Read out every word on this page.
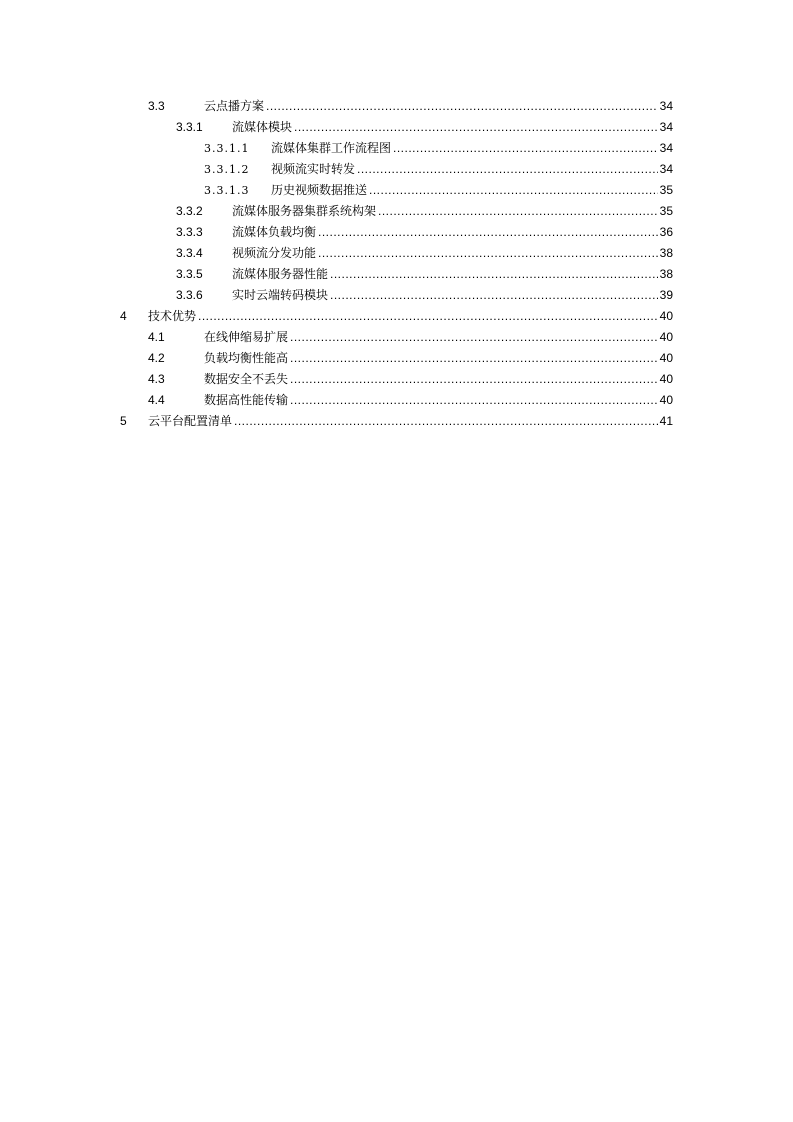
3.3	云点播方案 .....	34
3.3.1 流媒体模块 .....	34
3.3.1.1 流媒体集群工作流程图 .....	34
3.3.1.2 视频流实时转发 .....	34
3.3.1.3 历史视频数据推送 .....	35
3.3.2 流媒体服务器集群系统构架 .....	35
3.3.3 流媒体负载均衡 .....	36
3.3.4 视频流分发功能 .....	38
3.3.5 流媒体服务器性能 .....	38
3.3.6 实时云端转码模块 .....	39
4 技术优势 .....	40
4.1	在线伸缩易扩展 .....	40
4.2	负载均衡性能高 .....	40
4.3	数据安全不丢失 .....	40
4.4	数据高性能传输 .....	40
5 云平台配置清单 .....	41
